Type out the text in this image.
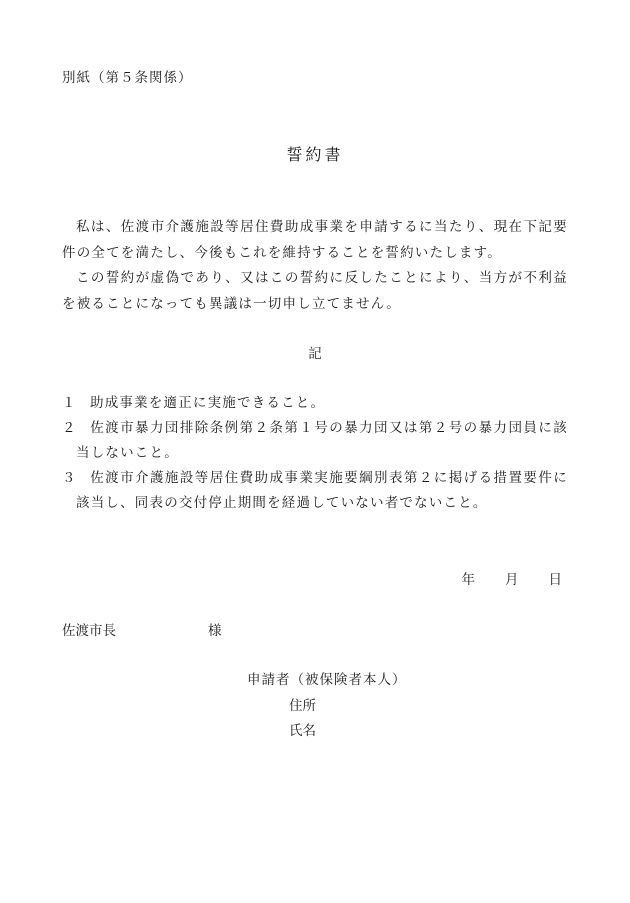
別紙（第５条関係）
誓約書
私は、佐渡市介護施設等居住費助成事業を申請するに当たり、現在下記要件の全てを満たし、今後もこれを維持することを誓約いたします。
この誓約が虚偽であり、又はこの誓約に反したことにより、当方が不利益を被ることになっても異議は一切申し立てません。
記
１ 助成事業を適正に実施できること。
２ 佐渡市暴力団排除条例第２条第１号の暴力団又は第２号の暴力団員に該当しないこと。
３ 佐渡市介護施設等居住費助成事業実施要綱別表第２に掲げる措置要件に該当し、同表の交付停止期間を経過していない者でないこと。
年 月 日
佐渡市長	様
申請者（被保険者本人）
住所
氏名
